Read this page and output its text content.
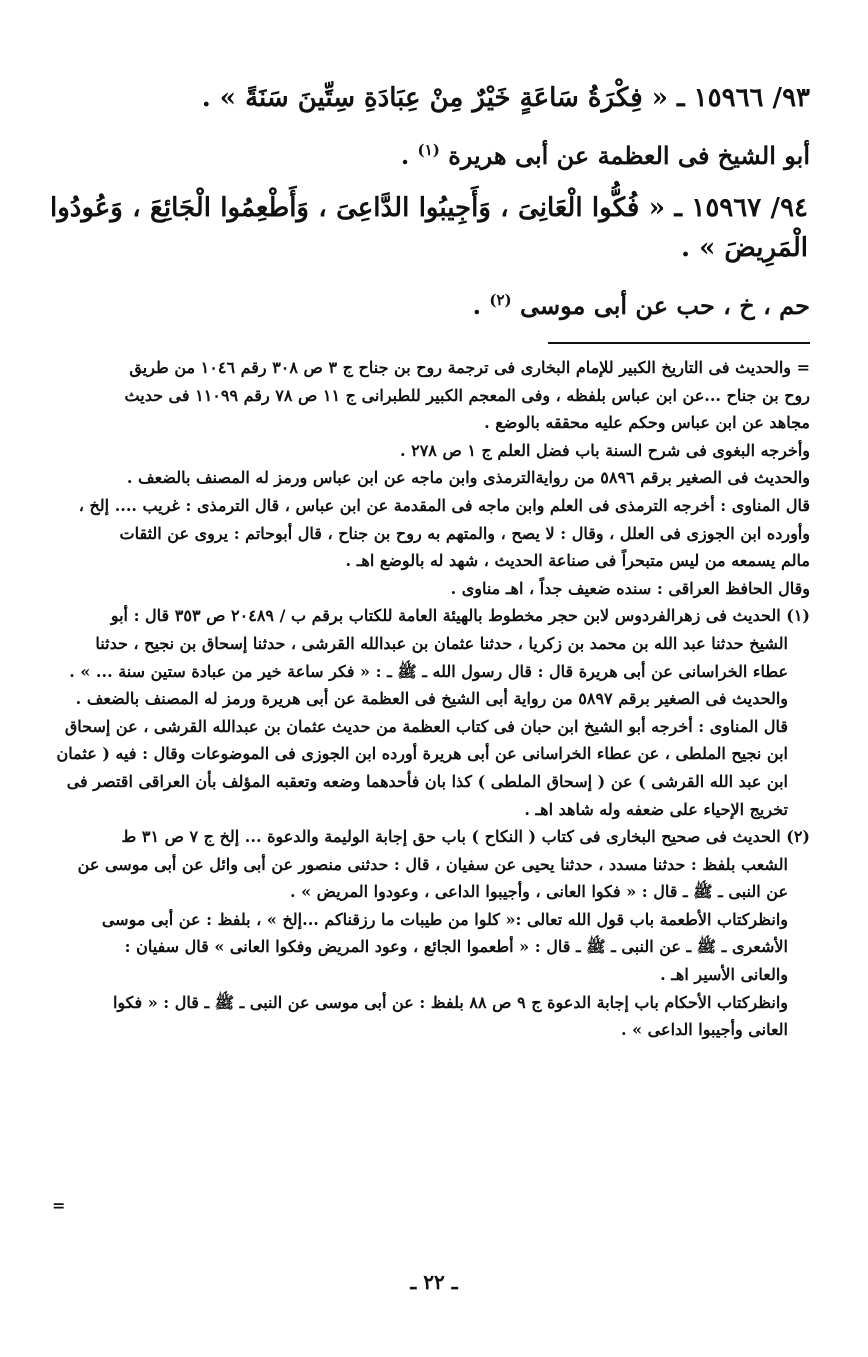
٩٣/ ١٥٩٦٦ ـ « فِكْرَةُ سَاعَةٍ خَيْرٌ مِنْ عِبَادَةِ سِتِّينَ سَنَةً » .

أبو الشيخ فى العظمة عن أبى هريرة $^{(١)}$ .

٩٤/ ١٥٩٦٧ ـ « فُكُّوا الْعَانِىَ ، وَأَجِيبُوا الدَّاعِىَ ، وَأَطْعِمُوا الْجَائِعَ ، وَعُودُوا الْمَرِيضَ » .

حم ، خ ، حب عن أبى موسى $^{(٢)}$ .

= والحديث فى التاريخ الكبير للإمام البخارى فى ترجمة روح بن جناح ج ٣ ص ٣٠٨ رقم ١٠٤٦ من طريق

روح بن جناح ...عن ابن عباس بلفظه ، وفى المعجم الكبير للطبرانى ج ١١ ص ٧٨ رقم ١١٠٩٩ فى حديث

مجاهد عن ابن عباس وحكم عليه محققه بالوضع .

وأخرجه البغوى فى شرح السنة باب فضل العلم ج ١ ص ٢٧٨ .

والحديث فى الصغير برقم ٥٨٩٦ من روايةالترمذى وابن ماجه عن ابن عباس ورمز له المصنف بالضعف .

قال المناوى : أخرجه الترمذى فى العلم وابن ماجه فى المقدمة عن ابن عباس ، قال الترمذى : غريب .... إلخ ،

وأورده ابن الجوزى فى العلل ، وقال : لا يصح ، والمتهم به روح بن جناح ، قال أبوحاتم : يروى عن الثقات

مالم يسمعه من ليس متبحراً فى صناعة الحديث ، شهد له بالوضع اهـ .

وقال الحافظ العراقى : سنده ضعيف جداً ، اهـ مناوى .

(١) الحديث فى زهرالفردوس لابن حجر مخطوط بالهيئة العامة للكتاب برقم ب / ٢٠٤٨٩ ص ٣٥٣ قال : أبو

الشيخ حدثنا عبد الله بن محمد بن زكريا ، حدثنا عثمان بن عبدالله القرشى ، حدثنا إسحاق بن نجيح ، حدثنا

عطاء الخراسانى عن أبى هريرة قال : قال رسول الله ـ ﷺ ـ : « فكر ساعة خير من عبادة ستين سنة ... » .

والحديث فى الصغير برقم ٥٨٩٧ من رواية أبى الشيخ فى العظمة عن أبى هريرة ورمز له المصنف بالضعف .

قال المناوى : أخرجه أبو الشيخ ابن حبان فى كتاب العظمة من حديث عثمان بن عبدالله القرشى ، عن إسحاق

ابن نجيح الملطى ، عن عطاء الخراسانى عن أبى هريرة أورده ابن الجوزى فى الموضوعات وقال : فيه ( عثمان

ابن عبد الله القرشى ) عن ( إسحاق الملطى ) كذا بان فأحدهما وضعه وتعقبه المؤلف بأن العراقى اقتصر فى

تخريج الإحياء على ضعفه وله شاهد اهـ .

(٢) الحديث فى صحيح البخارى فى كتاب ( النكاح ) باب حق إجابة الوليمة والدعوة ... إلخ ج ٧ ص ٣١ ط

الشعب بلفظ : حدثنا مسدد ، حدثنا يحيى عن سفيان ، قال : حدثنى منصور عن أبى وائل عن أبى موسى عن

عن النبى ـ ﷺ ـ قال : « فكوا العانى ، وأجيبوا الداعى ، وعودوا المريض » .

وانظركتاب الأطعمة باب قول الله تعالى :« كلوا من طيبات ما رزقناكم ...إلخ » ، بلفظ : عن أبى موسى

الأشعرى ـ ﷺ ـ عن النبى ـ ﷺ ـ قال : « أطعموا الجائع ، وعود المريض وفكوا العانى » قال سفيان :

والعانى الأسير اهـ .

وانظركتاب الأحكام باب إجابة الدعوة ج ٩ ص ٨٨ بلفظ : عن أبى موسى عن النبى ـ ﷺ ـ قال : « فكوا

العانى وأجيبوا الداعى » .

=
ـ ٢٢ ـ
